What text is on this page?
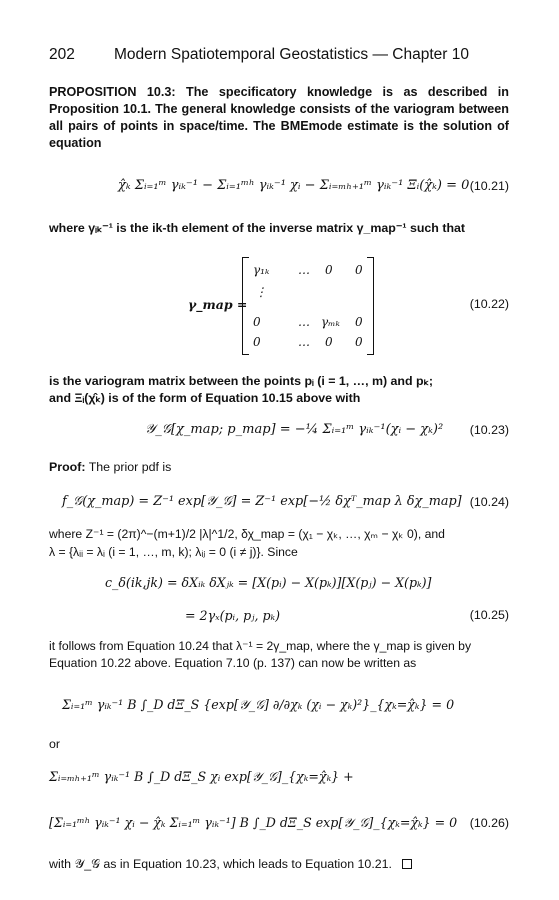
202	Modern Spatiotemporal Geostatistics — Chapter 10
PROPOSITION 10.3: The specificatory knowledge is as described in Proposition 10.1. The general knowledge consists of the variogram between all pairs of points in space/time. The BMEmode estimate is the solution of equation
χ̂ₖ Σᵢ₌₁ᵐ γᵢₖ⁻¹ − Σᵢ₌₁ᵐʰ γᵢₖ⁻¹ χᵢ − Σᵢ₌ₘₕ₊₁ᵐ γᵢₖ⁻¹ Ξᵢ(χ̂ₖ) = 0 (10.21)
where γᵢₖ⁻¹ is the ik-th element of the inverse matrix γ_map⁻¹ such that
γ_map =
γ₁ₖ … 0 0
⋮
0	… γₘₖ 0
0	… 0 0
(10.22)
is the variogram matrix between the points pᵢ (i = 1, …, m) and pₖ;
and Ξᵢ(χ̂ₖ) is of the form of Equation 10.15 above with
𝒴_𝒢[χ_map; p_map] = −¼ Σᵢ₌₁ᵐ γᵢₖ⁻¹(χᵢ − χₖ)² (10.23)
Proof: The prior pdf is
f_𝒢(χ_map) = Z⁻¹ exp[𝒴_𝒢] = Z⁻¹ exp[−½ δχᵀ_map λ δχ_map] (10.24)
where Z⁻¹ = (2π)^−(m+1)/2 |λ|^1/2, δχ_map = (χ₁ − χₖ, …, χₘ − χₖ 0), and
λ = {λᵢᵢ = λᵢ (i = 1, …, m, k); λᵢⱼ = 0 (i ≠ j)}. Since
c_δ(ik,jk) = δXᵢₖ δXⱼₖ = [X(pᵢ) − X(pₖ)][X(pⱼ) − X(pₖ)]
= 2γₓ(pᵢ, pⱼ, pₖ)	(10.25)
it follows from Equation 10.24 that λ⁻¹ = 2γ_map, where the γ_map is given by
Equation 10.22 above. Equation 7.10 (p. 137) can now be written as
Σᵢ₌₁ᵐ γᵢₖ⁻¹ B ∫_D dΞ_S {exp[𝒴_𝒢] ∂/∂χₖ (χᵢ − χₖ)²}_{χₖ=χ̂ₖ} = 0
or
Σᵢ₌ₘₕ₊₁ᵐ γᵢₖ⁻¹ B ∫_D dΞ_S χᵢ exp[𝒴_𝒢]_{χₖ=χ̂ₖ} +
[Σᵢ₌₁ᵐʰ γᵢₖ⁻¹ χᵢ − χ̂ₖ Σᵢ₌₁ᵐ γᵢₖ⁻¹] B ∫_D dΞ_S exp[𝒴_𝒢]_{χₖ=χ̂ₖ} = 0 (10.26)
with 𝒴_𝒢 as in Equation 10.23, which leads to Equation 10.21.
